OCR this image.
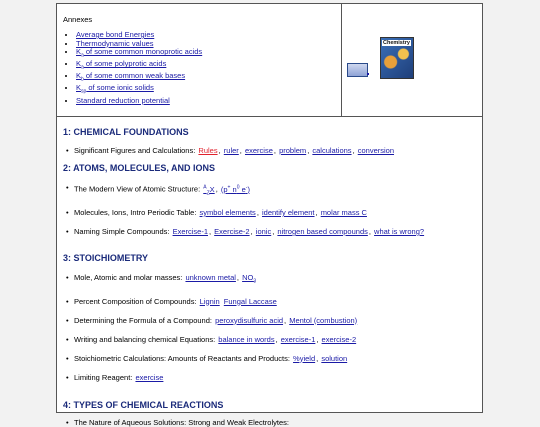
Annexes
• Average bond Energies
• Thermodynamic values
• $K_a$ of some common monoprotic acids
• $K_a$ of some polyprotic acids
• $K_b$ of some common weak bases
• $K_{sp}$ of some ionic solids
• Standard reduction potential
Chemistry
1: CHEMICAL FOUNDATIONS
• Significant Figures and Calculations: Rules, ruler, exercise, problem, calculations, conversion
2: ATOMS, MOLECULES, AND IONS
• The Modern View of Atomic Structure: $^A_Z$X, (p+ $n^0$ e-)
• Molecules, Ions, Intro Periodic Table: symbol elements, identify element, molar mass C
• Naming Simple Compounds: Exercise-1, Exercise-2, ionic, nitrogen based compounds, what is wrong?
3: STOICHIOMETRY
• Mole, Atomic and molar masses: unknown metal, $NO_3$
• Percent Composition of Compounds: Lignin Fungal Laccase
• Determining the Formula of a Compound: peroxydisulfuric acid, Mentol (combustion)
• Writing and balancing chemical Equations: balance in words, exercise-1, exercise-2
• Stoichiometric Calculations: Amounts of Reactants and Products: %yield, solution
• Limiting Reagent: exercise
4: TYPES OF CHEMICAL REACTIONS
• The Nature of Aqueous Solutions: Strong and Weak Electrolytes:
